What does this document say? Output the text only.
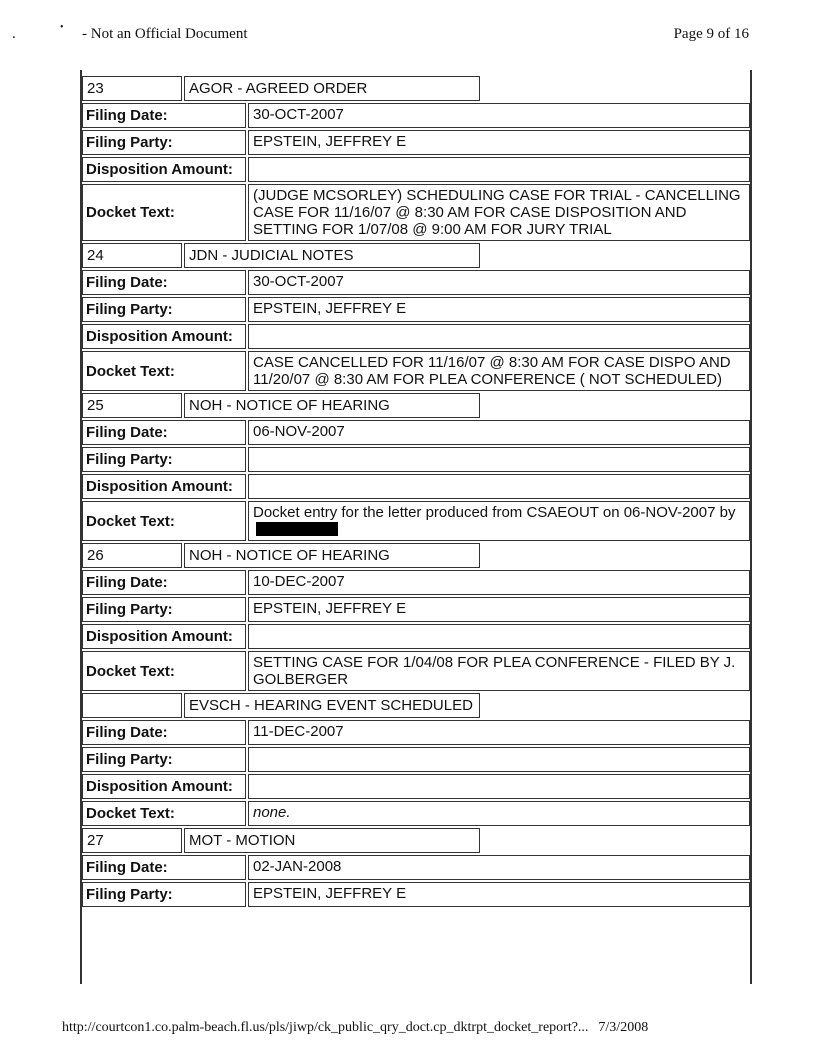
.	• - Not an Official Document	Page 9 of 16
23	AGOR - AGREED ORDER
Filing Date:	30-OCT-2007
Filing Party:	EPSTEIN, JEFFREY E
Disposition Amount:
Docket Text:
(JUDGE MCSORLEY) SCHEDULING CASE FOR TRIAL - CANCELLING CASE FOR 11/16/07 @ 8:30 AM FOR CASE DISPOSITION AND SETTING FOR 1/07/08 @ 9:00 AM FOR JURY TRIAL
24	JDN - JUDICIAL NOTES
Filing Date:	30-OCT-2007
Filing Party:	EPSTEIN, JEFFREY E
Disposition Amount:
Docket Text:	CASE CANCELLED FOR 11/16/07 @ 8:30 AM FOR CASE DISPO AND 11/20/07 @ 8:30 AM FOR PLEA CONFERENCE ( NOT SCHEDULED)
25	NOH - NOTICE OF HEARING
Filing Date:	06-NOV-2007
Filing Party:
Disposition Amount:
Docket Text:	Docket entry for the letter produced from CSAEOUT on 06-NOV-2007 by
26	NOH - NOTICE OF HEARING
Filing Date:	10-DEC-2007
Filing Party:	EPSTEIN, JEFFREY E
Disposition Amount:
Docket Text:	SETTING CASE FOR 1/04/08 FOR PLEA CONFERENCE - FILED BY J. GOLBERGER
EVSCH - HEARING EVENT SCHEDULED
Filing Date:	11-DEC-2007
Filing Party:
Disposition Amount:
Docket Text:	none.
27	MOT - MOTION
Filing Date:	02-JAN-2008
Filing Party:	EPSTEIN, JEFFREY E
http://courtcon1.co.palm-beach.fl.us/pls/jiwp/ck_public_qry_doct.cp_dktrpt_docket_report?... 7/3/2008
